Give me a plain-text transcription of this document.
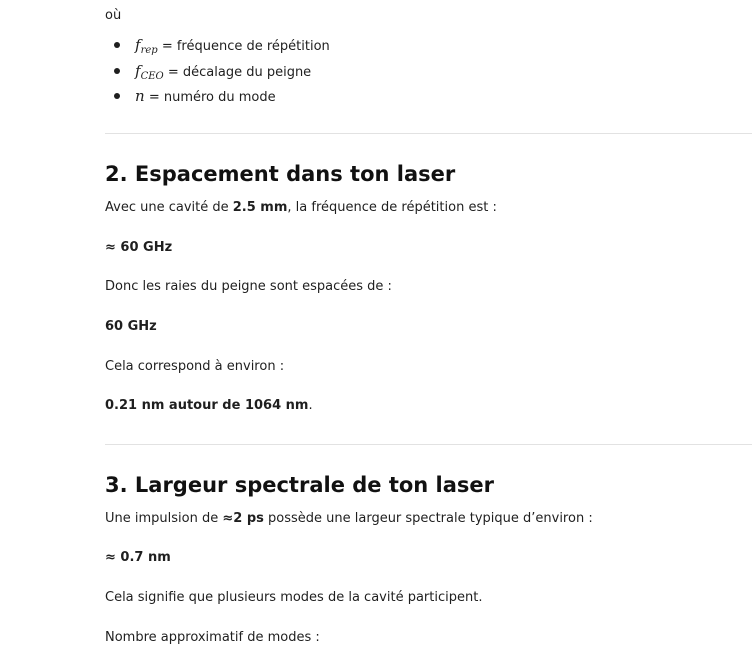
où
$f_{rep}$ = fréquence de répétition
$f_{CEO}$ = décalage du peigne
n = numéro du mode
2. Espacement dans ton laser
Avec une cavité de 2.5 mm, la fréquence de répétition est :
≈ 60 GHz
Donc les raies du peigne sont espacées de :
60 GHz
Cela correspond à environ :
0.21 nm autour de 1064 nm.
3. Largeur spectrale de ton laser
Une impulsion de ≈2 ps possède une largeur spectrale typique d’environ :
≈ 0.7 nm
Cela signifie que plusieurs modes de la cavité participent.
Nombre approximatif de modes :
